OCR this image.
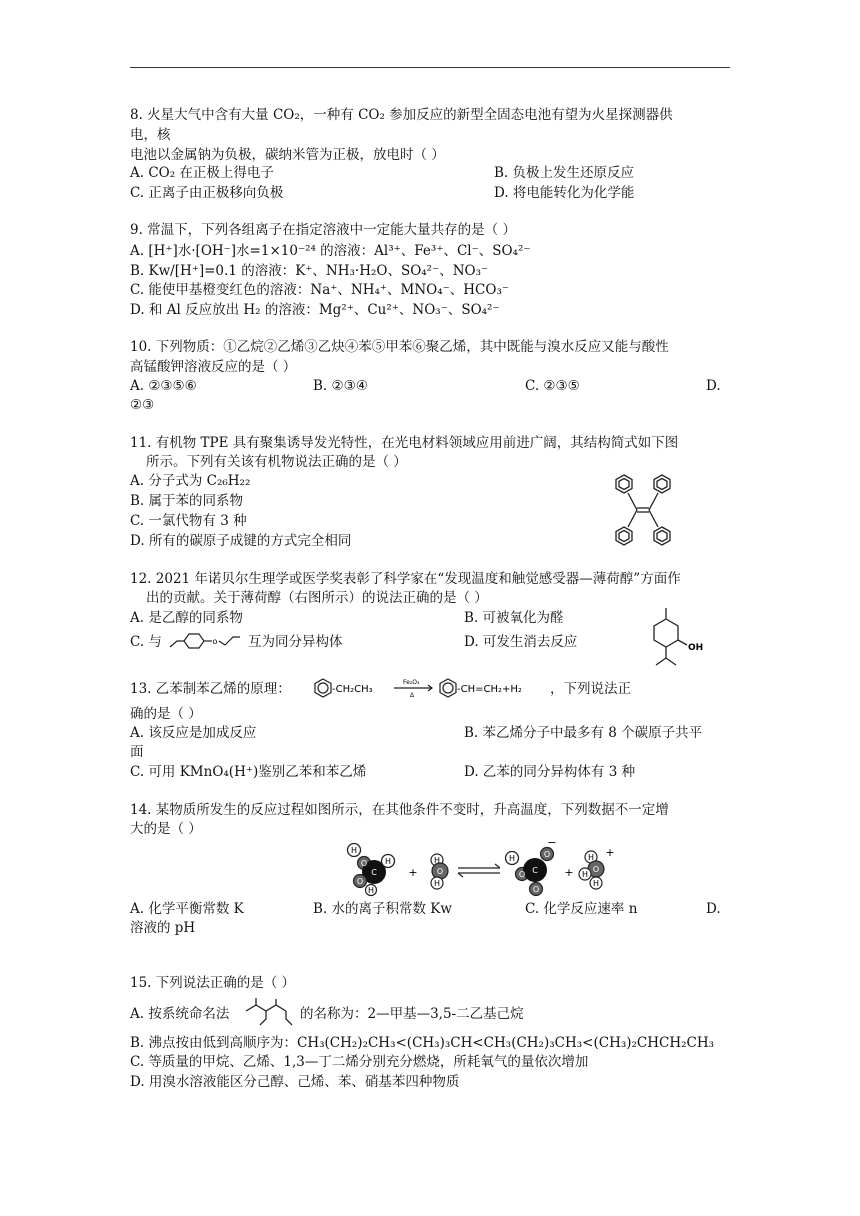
8. 火星大气中含有大量 CO₂，一种有 CO₂ 参加反应的新型全固态电池有望为火星探测器供
电，核
电池以金属钠为负极，碳纳米管为正极，放电时（ ）
A. CO₂ 在正极上得电子	B. 负极上发生还原反应
C. 正离子由正极移向负极	D. 将电能转化为化学能
9. 常温下，下列各组离子在指定溶液中一定能大量共存的是（ ）
A. [H⁺]水·[OH⁻]水=1×10⁻²⁴ 的溶液：Al³⁺、Fe³⁺、Cl⁻、SO₄²⁻
B. Kw/[H⁺]=0.1 的溶液：K⁺、NH₃·H₂O、SO₄²⁻、NO₃⁻
C. 能使甲基橙变红色的溶液：Na⁺、NH₄⁺、MNO₄⁻、HCO₃⁻
D. 和 Al 反应放出 H₂ 的溶液：Mg²⁺、Cu²⁺、NO₃⁻、SO₄²⁻
10. 下列物质：①乙烷②乙烯③乙炔④苯⑤甲苯⑥聚乙烯，其中既能与溴水反应又能与酸性
高锰酸钾溶液反应的是（ ）
A. ②③⑤⑥	B. ②③④	C. ②③⑤	D.
②③
11. 有机物 TPE 具有聚集诱导发光特性，在光电材料领域应用前进广阔，其结构简式如下图
所示。下列有关该有机物说法正确的是（ ）
A. 分子式为 C₂₆H₂₂
B. 属于苯的同系物
C. 一氯代物有 3 种
D. 所有的碳原子成键的方式完全相同
12. 2021 年诺贝尔生理学或医学奖表彰了科学家在“发现温度和触觉感受器—薄荷醇”方面作
出的贡献。关于薄荷醇（右图所示）的说法正确的是（ ）
A. 是乙醇的同系物	B. 可被氧化为醛
C. 与	o 互为同分异构体	D. 可发生消去反应	OH
13. 乙苯制苯乙烯的原理：	-CH₂CH₃
Fe₂O₃
Δ
-CH=CH₂+H₂ ，下列说法正
确的是（ ）
A. 该反应是加成反应	B. 苯乙烯分子中最多有 8 个碳原子共平
面
C. 可用 KMnO₄(H⁺)鉴别乙苯和苯乙烯	D. 乙苯的同分异构体有 3 种
14. 某物质所发生的反应过程如图所示，在其他条件不变时，升高温度，下列数据不一定增
大的是（ ）
H
H
H
C
O
O
+
H
O
H
H
C
O
O
O
−
+
H
O
H
H
+
A. 化学平衡常数 K	B. 水的离子积常数 Kw	C. 化学反应速率 n	D.
溶液的 pH
15. 下列说法正确的是（ ）
A. 按系统命名法	的名称为：2—甲基—3,5-二乙基己烷
B. 沸点按由低到高顺序为：CH₃(CH₂)₂CH₃<(CH₃)₃CH<CH₃(CH₂)₃CH₃<(CH₃)₂CHCH₂CH₃
C. 等质量的甲烷、乙烯、1,3—丁二烯分别充分燃烧，所耗氧气的量依次增加
D. 用溴水溶液能区分己醇、己烯、苯、硝基苯四种物质
